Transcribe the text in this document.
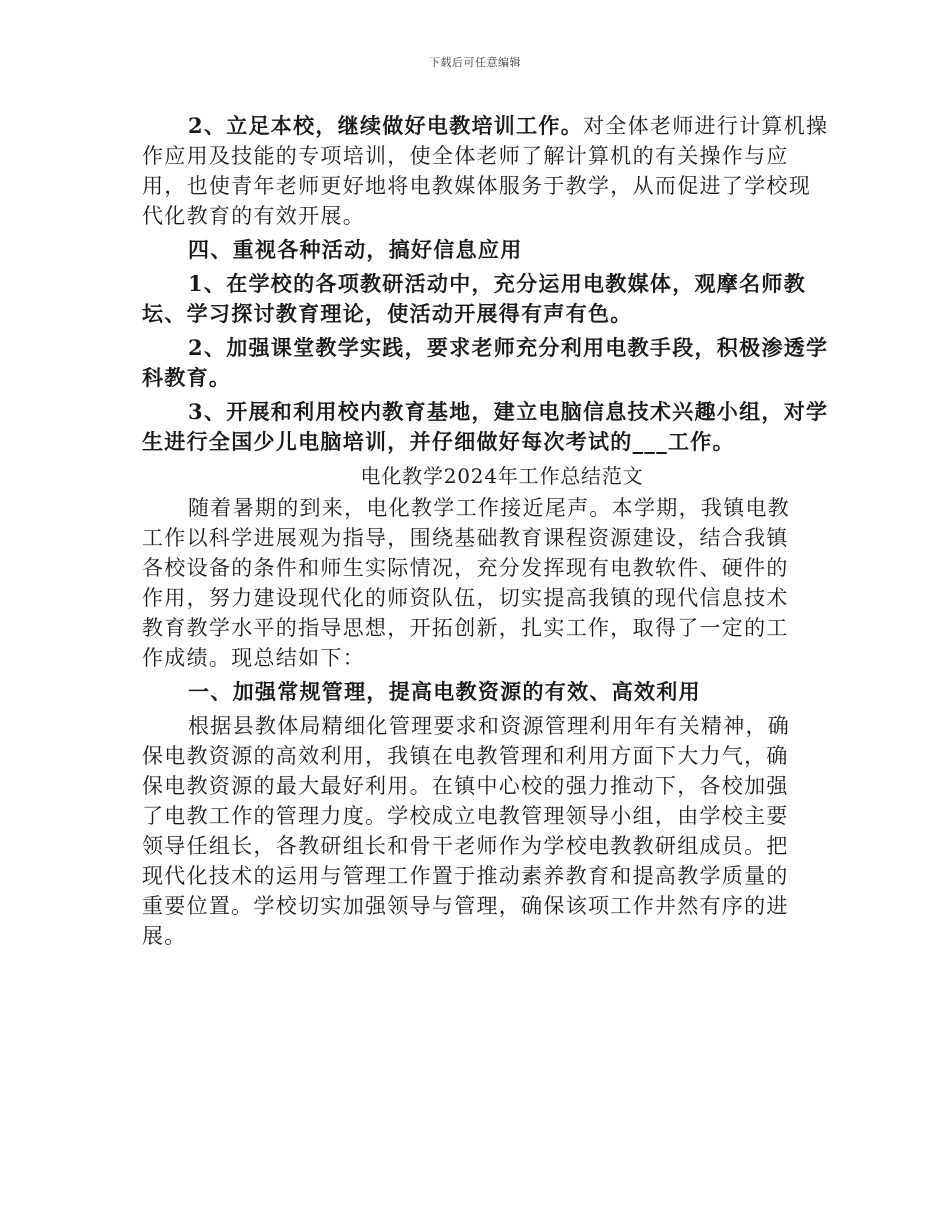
下载后可任意编辑

2、立足本校，继续做好电教培训工作。对全体老师进行计算机操作应用及技能的专项培训，使全体老师了解计算机的有关操作与应用，也使青年老师更好地将电教媒体服务于教学，从而促进了学校现代化教育的有效开展。

四、重视各种活动，搞好信息应用

1、在学校的各项教研活动中，充分运用电教媒体，观摩名师教坛、学习探讨教育理论，使活动开展得有声有色。

2、加强课堂教学实践，要求老师充分利用电教手段，积极渗透学科教育。

3、开展和利用校内教育基地，建立电脑信息技术兴趣小组，对学生进行全国少儿电脑培训，并仔细做好每次考试的___工作。

电化教学2024年工作总结范文

随着暑期的到来，电化教学工作接近尾声。本学期，我镇电教工作以科学进展观为指导，围绕基础教育课程资源建设，结合我镇各校设备的条件和师生实际情况，充分发挥现有电教软件、硬件的作用，努力建设现代化的师资队伍，切实提高我镇的现代信息技术教育教学水平的指导思想，开拓创新，扎实工作，取得了一定的工作成绩。现总结如下：

一、加强常规管理，提高电教资源的有效、高效利用

根据县教体局精细化管理要求和资源管理利用年有关精神，确保电教资源的高效利用，我镇在电教管理和利用方面下大力气，确保电教资源的最大最好利用。在镇中心校的强力推动下，各校加强了电教工作的管理力度。学校成立电教管理领导小组，由学校主要领导任组长，各教研组长和骨干老师作为学校电教教研组成员。把现代化技术的运用与管理工作置于推动素养教育和提高教学质量的重要位置。学校切实加强领导与管理，确保该项工作井然有序的进展。
